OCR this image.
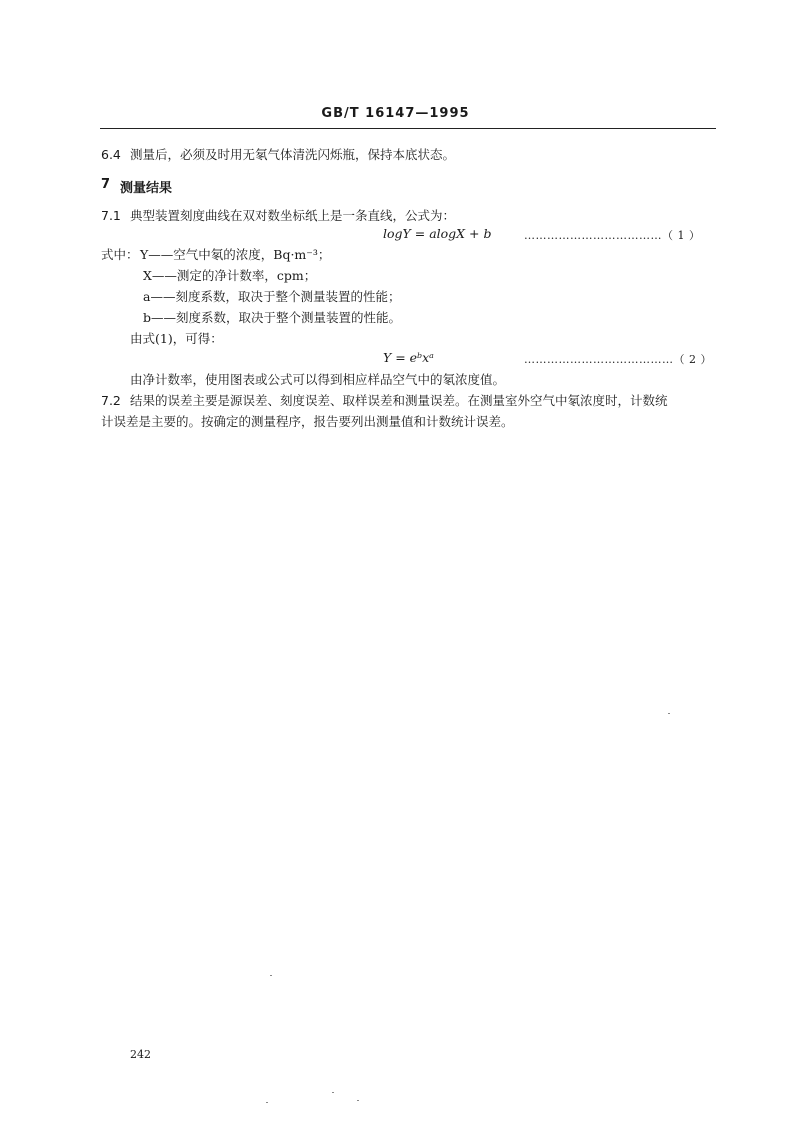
GB/T 16147—1995
6.4 测量后，必须及时用无氡气体清洗闪烁瓶，保持本底状态。
7 测量结果
7.1 典型装置刻度曲线在双对数坐标纸上是一条直线，公式为：
logY = alogX + b	………………………………（ 1 ）
式中： Y——空气中氡的浓度，Bq·m⁻³；
X——测定的净计数率，cpm；
a——刻度系数，取决于整个测量装置的性能；
b——刻度系数，取决于整个测量装置的性能。
由式(1)，可得：
Y = eᵇxᵃ	…………………………………（ 2 ）
由净计数率，使用图表或公式可以得到相应样品空气中的氡浓度值。
7.2 结果的误差主要是源误差、刻度误差、取样误差和测量误差。在测量室外空气中氡浓度时，计数统
计误差是主要的。按确定的测量程序，报告要列出测量值和计数统计误差。
242
